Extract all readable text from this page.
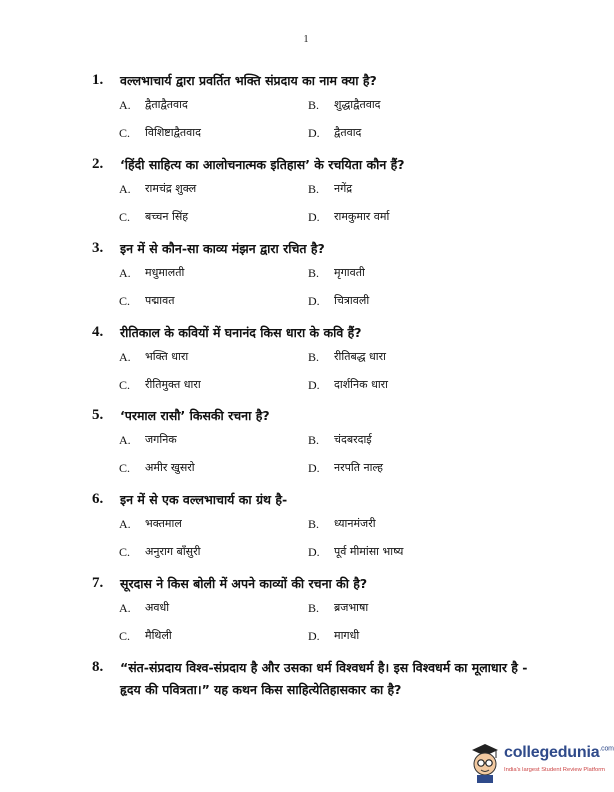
1
1.	वल्लभाचार्य द्वारा प्रवर्तित भक्ति संप्रदाय का नाम क्या है?
A.	द्वैताद्वैतवाद	B.	शुद्धाद्वैतवाद
C.	विशिष्टाद्वैतवाद	D.	द्वैतवाद
2.	‘हिंदी साहित्य का आलोचनात्मक इतिहास’ के रचयिता कौन हैं?
A.	रामचंद्र शुक्ल	B.	नगेंद्र
C.	बच्चन सिंह	D.	रामकुमार वर्मा
3.	इन में से कौन-सा काव्य मंझन द्वारा रचित है?
A.	मधुमालती	B.	मृगावती
C.	पद्मावत	D.	चित्रावली
4.	रीतिकाल के कवियों में घनानंद किस धारा के कवि हैं?
A.	भक्ति धारा	B.	रीतिबद्ध धारा
C.	रीतिमुक्त धारा	D.	दार्शनिक धारा
5.	‘परमाल रासौ’ किसकी रचना है?
A.	जगनिक	B.	चंदबरदाई
C.	अमीर खुसरो	D.	नरपति नाल्ह
6.	इन में से एक वल्लभाचार्य का ग्रंथ है-
A.	भक्तमाल	B.	ध्यानमंजरी
C.	अनुराग बाँसुरी	D.	पूर्व मीमांसा भाष्य
7.	सूरदास ने किस बोली में अपने काव्यों की रचना की है?
A.	अवधी	B.	ब्रजभाषा
C.	मैथिली	D.	मागधी
8.	“संत-संप्रदाय विश्व-संप्रदाय है और उसका धर्म विश्वधर्म है। इस विश्वधर्म का मूलाधार है - हृदय की पवित्रता।” यह कथन किस साहित्येतिहासकार का है?
collegedunia$^{.com}$
India's largest Student Review Platform
